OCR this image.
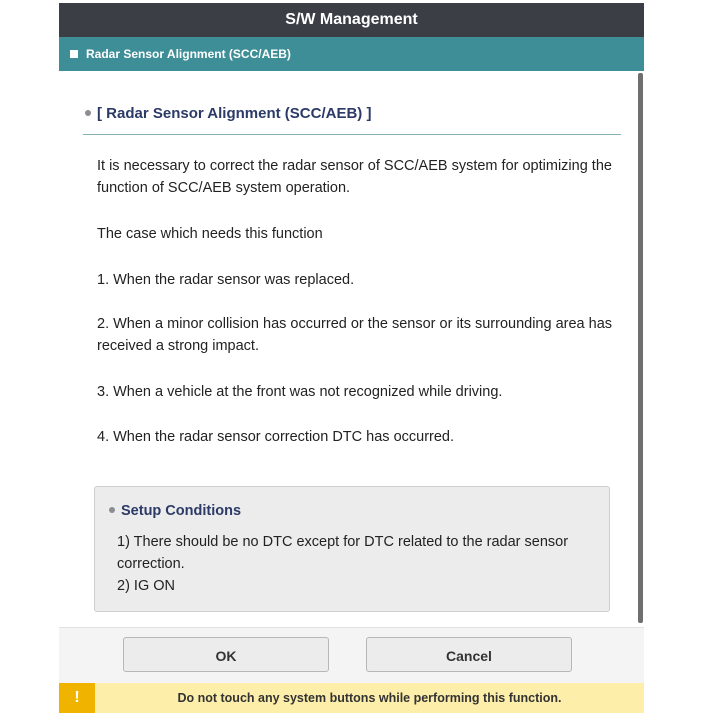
S/W Management
Radar Sensor Alignment (SCC/AEB)
[ Radar Sensor Alignment (SCC/AEB) ]
It is necessary to correct the radar sensor of SCC/AEB system for optimizing the function of SCC/AEB system operation.
The case which needs this function
1. When the radar sensor was replaced.
2. When a minor collision has occurred or the sensor or its surrounding area has received a strong impact.
3. When a vehicle at the front was not recognized while driving.
4. When the radar sensor correction DTC has occurred.
Setup Conditions
1) There should be no DTC except for DTC related to the radar sensor correction.
2) IG ON
OK	Cancel
!	Do not touch any system buttons while performing this function.
